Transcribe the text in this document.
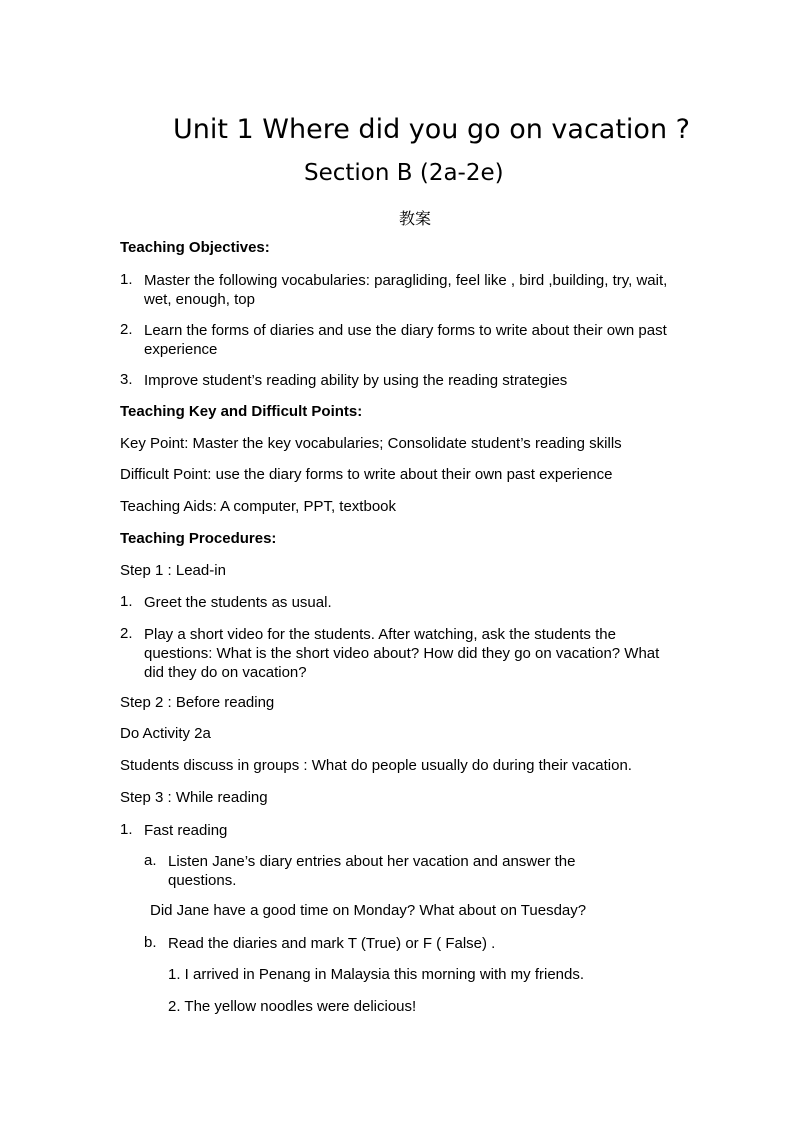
Unit 1 Where did you go on vacation ?
Section B (2a-2e)
教案
Teaching Objectives:
1. Master the following vocabularies: paragliding, feel like , bird ,building, try, wait, wet, enough, top
2. Learn the forms of diaries and use the diary forms to write about their own past experience
3. Improve student’s reading ability by using the reading strategies
Teaching Key and Difficult Points:
Key Point: Master the key vocabularies; Consolidate student’s reading skills
Difficult Point: use the diary forms to write about their own past experience
Teaching Aids: A computer, PPT, textbook
Teaching Procedures:
Step 1 : Lead-in
1. Greet the students as usual.
2. Play a short video for the students. After watching, ask the students the questions: What is the short video about? How did they go on vacation? What did they do on vacation?
Step 2 : Before reading
Do Activity 2a
Students discuss in groups : What do people usually do during their vacation.
Step 3 : While reading
1. Fast reading
a. Listen Jane’s diary entries about her vacation and answer the questions.
Did Jane have a good time on Monday? What about on Tuesday?
b. Read the diaries and mark T (True) or F ( False) .
1. I arrived in Penang in Malaysia this morning with my friends.
2. The yellow noodles were delicious!
